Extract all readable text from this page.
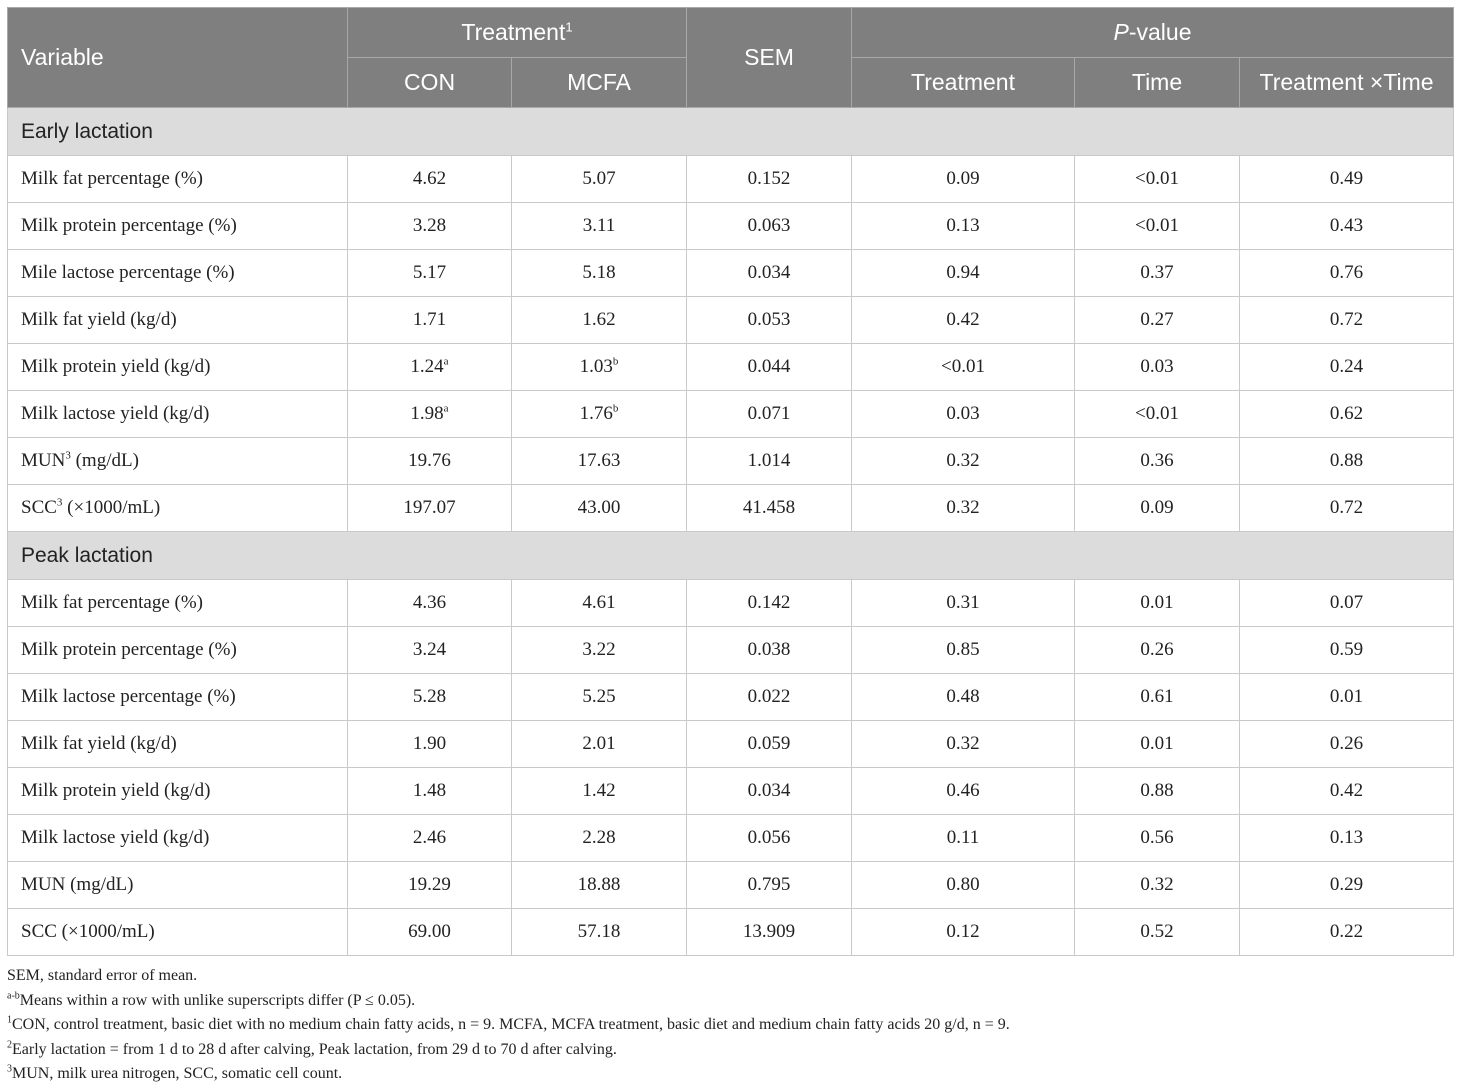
Variable	Treatment$^1$		SEM	P-value		
	CON	MCFA		Treatment	Time	Treatment ×Time
Early lactation						
Milk fat percentage (%)	4.62	5.07	0.152	0.09	<0.01	0.49
Milk protein percentage (%)	3.28	3.11	0.063	0.13	<0.01	0.43
Mile lactose percentage (%)	5.17	5.18	0.034	0.94	0.37	0.76
Milk fat yield (kg/d)	1.71	1.62	0.053	0.42	0.27	0.72
Milk protein yield (kg/d)	1.24$^a$	1.03$^b$	0.044	<0.01	0.03	0.24
Milk lactose yield (kg/d)	1.98$^a$	1.76$^b$	0.071	0.03	<0.01	0.62
MUN$^3$ (mg/dL)	19.76	17.63	1.014	0.32	0.36	0.88
SCC$^3$ (×1000/mL)	197.07	43.00	41.458	0.32	0.09	0.72
Peak lactation						
Milk fat percentage (%)	4.36	4.61	0.142	0.31	0.01	0.07
Milk protein percentage (%)	3.24	3.22	0.038	0.85	0.26	0.59
Milk lactose percentage (%)	5.28	5.25	0.022	0.48	0.61	0.01
Milk fat yield (kg/d)	1.90	2.01	0.059	0.32	0.01	0.26
Milk protein yield (kg/d)	1.48	1.42	0.034	0.46	0.88	0.42
Milk lactose yield (kg/d)	2.46	2.28	0.056	0.11	0.56	0.13
MUN (mg/dL)	19.29	18.88	0.795	0.80	0.32	0.29
SCC (×1000/mL)	69.00	57.18	13.909	0.12	0.52	0.22
SEM, standard error of mean.
$^{a-b}$Means within a row with unlike superscripts differ (P ≤ 0.05).
$^1$CON, control treatment, basic diet with no medium chain fatty acids, n = 9. MCFA, MCFA treatment, basic diet and medium chain fatty acids 20 g/d, n = 9.
$^2$Early lactation = from 1 d to 28 d after calving, Peak lactation, from 29 d to 70 d after calving.
$^3$MUN, milk urea nitrogen, SCC, somatic cell count.
